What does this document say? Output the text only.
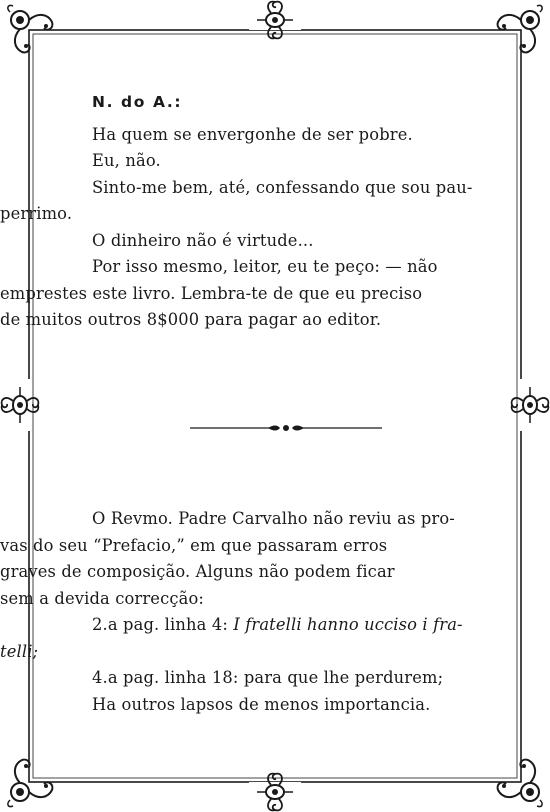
N. do A.:

Ha quem se envergonhe de ser pobre.

Eu, não.

Sinto-me bem, até, confessando que sou pau-

perrimo.

O dinheiro não é virtude...

Por isso mesmo, leitor, eu te peço: — não

emprestes este livro. Lembra-te de que eu preciso

de muitos outros 8$000 para pagar ao editor.

O Revmo. Padre Carvalho não reviu as pro-

vas do seu “Prefacio,” em que passaram erros

graves de composição. Alguns não podem ficar

sem a devida correcção:

2.a pag. linha 4: I fratelli hanno ucciso i fra-

telli;

4.a pag. linha 18: para que lhe perdurem;

Ha outros lapsos de menos importancia.
